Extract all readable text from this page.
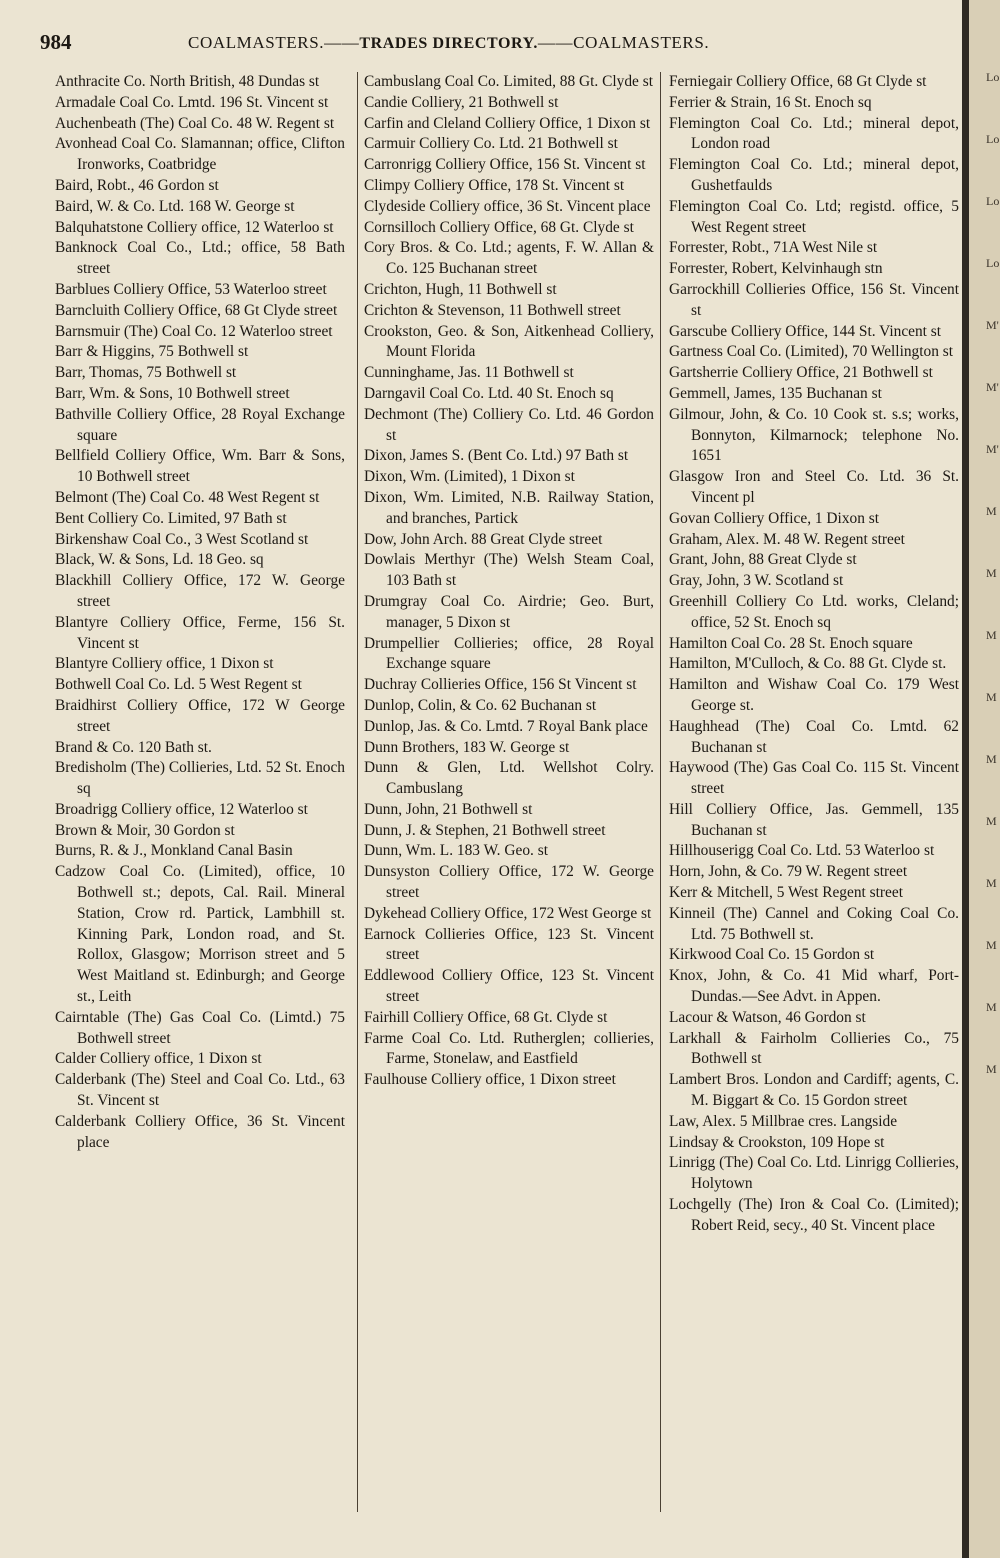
984	COALMASTERS.——TRADES DIRECTORY.——COALMASTERS.

Anthracite Co. North British, 48 Dundas st

Armadale Coal Co. Lmtd. 196 St. Vincent st

Auchenbeath (The) Coal Co. 48 W. Regent st

Avonhead Coal Co. Slamannan; office, Clifton Ironworks, Coatbridge

Baird, Robt., 46 Gordon st

Baird, W. & Co. Ltd. 168 W. George st

Balquhatstone Colliery office, 12 Waterloo st

Banknock Coal Co., Ltd.; office, 58 Bath street

Barblues Colliery Office, 53 Waterloo street

Barncluith Colliery Office, 68 Gt Clyde street

Barnsmuir (The) Coal Co. 12 Waterloo street

Barr & Higgins, 75 Bothwell st

Barr, Thomas, 75 Bothwell st

Barr, Wm. & Sons, 10 Bothwell street

Bathville Colliery Office, 28 Royal Exchange square

Bellfield Colliery Office, Wm. Barr & Sons, 10 Bothwell street

Belmont (The) Coal Co. 48 West Regent st

Bent Colliery Co. Limited, 97 Bath st

Birkenshaw Coal Co., 3 West Scotland st

Black, W. & Sons, Ld. 18 Geo. sq

Blackhill Colliery Office, 172 W. George street

Blantyre Colliery Office, Ferme, 156 St. Vincent st

Blantyre Colliery office, 1 Dixon st

Bothwell Coal Co. Ld. 5 West Regent st

Braidhirst Colliery Office, 172 W George street

Brand & Co. 120 Bath st.

Bredisholm (The) Collieries, Ltd. 52 St. Enoch sq

Broadrigg Colliery office, 12 Waterloo st

Brown & Moir, 30 Gordon st

Burns, R. & J., Monkland Canal Basin

Cadzow Coal Co. (Limited), office, 10 Bothwell st.; depots, Cal. Rail. Mineral Station, Crow rd. Partick, Lambhill st. Kinning Park, London road, and St. Rollox, Glasgow; Morrison street and 5 West Maitland st. Edinburgh; and George st., Leith

Cairntable (The) Gas Coal Co. (Limtd.) 75 Bothwell street

Calder Colliery office, 1 Dixon st

Calderbank (The) Steel and Coal Co. Ltd., 63 St. Vincent st

Calderbank Colliery Office, 36 St. Vincent place

Cambuslang Coal Co. Limited, 88 Gt. Clyde st

Candie Colliery, 21 Bothwell st

Carfin and Cleland Colliery Office, 1 Dixon st

Carmuir Colliery Co. Ltd. 21 Bothwell st

Carronrigg Colliery Office, 156 St. Vincent st

Climpy Colliery Office, 178 St. Vincent st

Clydeside Colliery office, 36 St. Vincent place

Cornsilloch Colliery Office, 68 Gt. Clyde st

Cory Bros. & Co. Ltd.; agents, F. W. Allan & Co. 125 Buchanan street

Crichton, Hugh, 11 Bothwell st

Crichton & Stevenson, 11 Bothwell street

Crookston, Geo. & Son, Aitkenhead Colliery, Mount Florida

Cunninghame, Jas. 11 Bothwell st

Darngavil Coal Co. Ltd. 40 St. Enoch sq

Dechmont (The) Colliery Co. Ltd. 46 Gordon st

Dixon, James S. (Bent Co. Ltd.) 97 Bath st

Dixon, Wm. (Limited), 1 Dixon st

Dixon, Wm. Limited, N.B. Railway Station, and branches, Partick

Dow, John Arch. 88 Great Clyde street

Dowlais Merthyr (The) Welsh Steam Coal, 103 Bath st

Drumgray Coal Co. Airdrie; Geo. Burt, manager, 5 Dixon st

Drumpellier Collieries; office, 28 Royal Exchange square

Duchray Collieries Office, 156 St Vincent st

Dunlop, Colin, & Co. 62 Buchanan st

Dunlop, Jas. & Co. Lmtd. 7 Royal Bank place

Dunn Brothers, 183 W. George st

Dunn & Glen, Ltd. Wellshot Colry. Cambuslang

Dunn, John, 21 Bothwell st

Dunn, J. & Stephen, 21 Bothwell street

Dunn, Wm. L. 183 W. Geo. st

Dunsyston Colliery Office, 172 W. George street

Dykehead Colliery Office, 172 West George st

Earnock Collieries Office, 123 St. Vincent street

Eddlewood Colliery Office, 123 St. Vincent street

Fairhill Colliery Office, 68 Gt. Clyde st

Farme Coal Co. Ltd. Rutherglen; collieries, Farme, Stonelaw, and Eastfield

Faulhouse Colliery office, 1 Dixon street

Ferniegair Colliery Office, 68 Gt Clyde st

Ferrier & Strain, 16 St. Enoch sq

Flemington Coal Co. Ltd.; mineral depot, London road

Flemington Coal Co. Ltd.; mineral depot, Gushetfaulds

Flemington Coal Co. Ltd; registd. office, 5 West Regent street

Forrester, Robt., 71A West Nile st

Forrester, Robert, Kelvinhaugh stn

Garrockhill Collieries Office, 156 St. Vincent st

Garscube Colliery Office, 144 St. Vincent st

Gartness Coal Co. (Limited), 70 Wellington st

Gartsherrie Colliery Office, 21 Bothwell st

Gemmell, James, 135 Buchanan st

Gilmour, John, & Co. 10 Cook st. s.s; works, Bonnyton, Kilmarnock; telephone No. 1651

Glasgow Iron and Steel Co. Ltd. 36 St. Vincent pl

Govan Colliery Office, 1 Dixon st

Graham, Alex. M. 48 W. Regent street

Grant, John, 88 Great Clyde st

Gray, John, 3 W. Scotland st

Greenhill Colliery Co Ltd. works, Cleland; office, 52 St. Enoch sq

Hamilton Coal Co. 28 St. Enoch square

Hamilton, M'Culloch, & Co. 88 Gt. Clyde st.

Hamilton and Wishaw Coal Co. 179 West George st.

Haughhead (The) Coal Co. Lmtd. 62 Buchanan st

Haywood (The) Gas Coal Co. 115 St. Vincent street

Hill Colliery Office, Jas. Gemmell, 135 Buchanan st

Hillhouserigg Coal Co. Ltd. 53 Waterloo st

Horn, John, & Co. 79 W. Regent street

Kerr & Mitchell, 5 West Regent street

Kinneil (The) Cannel and Coking Coal Co. Ltd. 75 Bothwell st.

Kirkwood Coal Co. 15 Gordon st

Knox, John, & Co. 41 Mid wharf, Port-Dundas.—See Advt. in Appen.

Lacour & Watson, 46 Gordon st

Larkhall & Fairholm Collieries Co., 75 Bothwell st

Lambert Bros. London and Cardiff; agents, C. M. Biggart & Co. 15 Gordon street

Law, Alex. 5 Millbrae cres. Langside

Lindsay & Crookston, 109 Hope st

Linrigg (The) Coal Co. Ltd. Linrigg Collieries, Holytown

Lochgelly (The) Iron & Coal Co. (Limited); Robert Reid, secy., 40 St. Vincent place

Lo
Lo
Lo
Lo
M'
M'
M'
M
M
M
M
M
M
M
M
M
M
